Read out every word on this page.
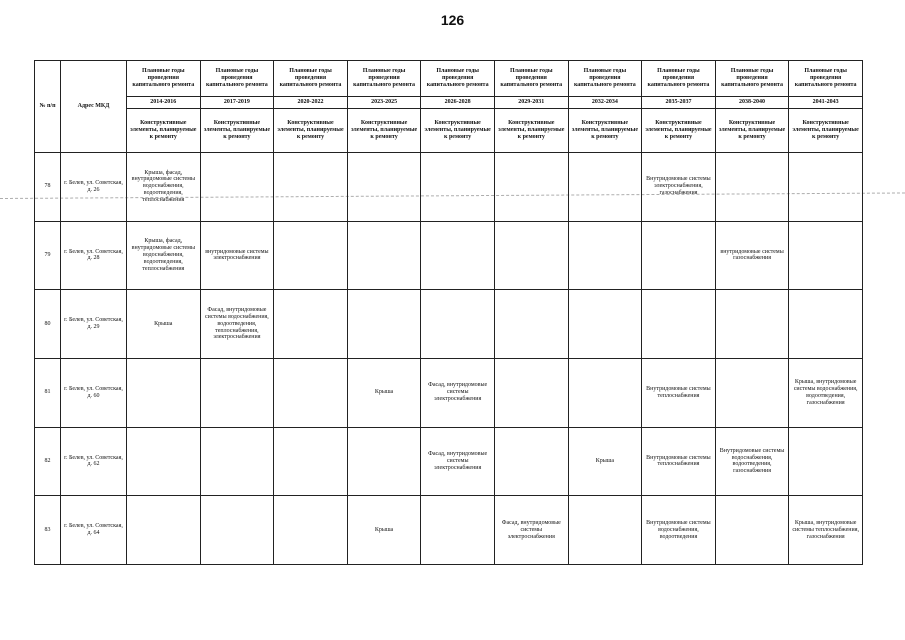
126
№ п/п	Адрес МКД	Плановые годы проведения капитального ремонта	Плановые годы проведения капитального ремонта	Плановые годы проведения капитального ремонта	Плановые годы проведения капитального ремонта	Плановые годы проведения капитального ремонта	Плановые годы проведения капитального ремонта	Плановые годы проведения капитального ремонта	Плановые годы проведения капитального ремонта	Плановые годы проведения капитального ремонта	Плановые годы проведения капитального ремонта
		2014-2016	2017-2019	2020-2022	2023-2025	2026-2028	2029-2031	2032-2034	2035-2037	2038-2040	2041-2043
		Конструктивные элементы, планируемые к ремонту	Конструктивные элементы, планируемые к ремонту	Конструктивные элементы, планируемые к ремонту	Конструктивные элементы, планируемые к ремонту	Конструктивные элементы, планируемые к ремонту	Конструктивные элементы, планируемые к ремонту	Конструктивные элементы, планируемые к ремонту	Конструктивные элементы, планируемые к ремонту	Конструктивные элементы, планируемые к ремонту	Конструктивные элементы, планируемые к ремонту
78	г. Белев, ул. Советская, д. 26	Крыша, фасад, внутридомовые системы водоснабжения, водоотведения, теплоснабжения							Внутридомовые системы электроснабжения, газоснабжения		
79	г. Белев, ул. Советская, д. 28	Крыша, фасад, внутридомовые системы водоснабжения, водоотведения, теплоснабжения	внутридомовые системы электроснабжения							внутридомовые системы газоснабжения	
80	г. Белев, ул. Советская, д. 29	Крыша	Фасад, внутридомовые системы водоснабжения, водоотведения, теплоснабжения, электроснабжения								
81	г. Белев, ул. Советская, д. 60				Крыша	Фасад, внутридомовые системы электроснабжения			Внутридомовые системы теплоснабжения		Крыша, внутридомовые системы водоснабжения, водоотведения, газоснабжения
82	г. Белев, ул. Советская, д. 62					Фасад, внутридомовые системы электроснабжения		Крыша	Внутридомовые системы теплоснабжения	Внутридомовые системы водоснабжения, водоотведения, газоснабжения	
83	г. Белев, ул. Советская, д. 64				Крыша		Фасад, внутридомовые системы электроснабжения		Внутридомовые системы водоснабжения, водоотведения		Крыша, внутридомовые системы теплоснабжения, газоснабжения
